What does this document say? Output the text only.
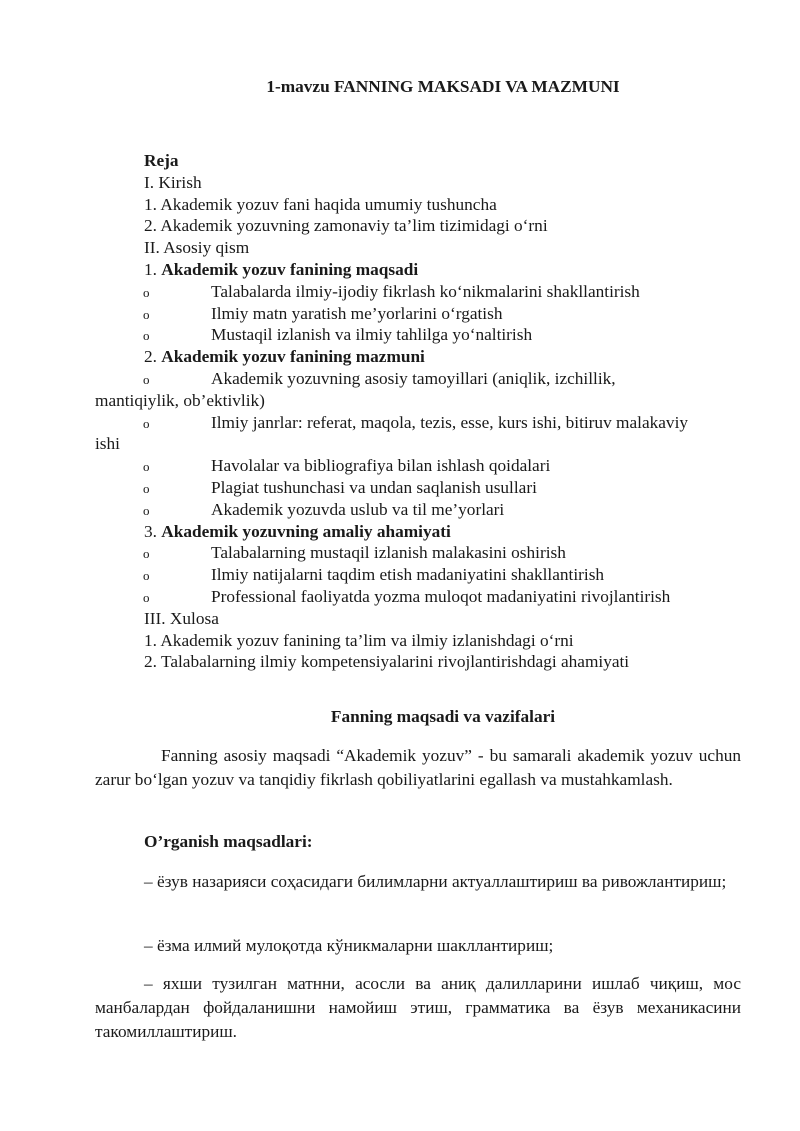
1-mavzu FANNING MAKSADI VA MAZMUNI
Reja
I. Kirish
1. Akademik yozuv fani haqida umumiy tushuncha
2. Akademik yozuvning zamonaviy ta’lim tizimidagi o‘rni
II. Asosiy qism
1. Akademik yozuv fanining maqsadi
o	Talabalarda ilmiy-ijodiy fikrlash ko‘nikmalarini shakllantirish
o	Ilmiy matn yaratish me’yorlarini o‘rgatish
o	Mustaqil izlanish va ilmiy tahlilga yo‘naltirish
2. Akademik yozuv fanining mazmuni
o	Akademik yozuvning asosiy tamoyillari (aniqlik, izchillik,
mantiqiylik, ob’ektivlik)
o	Ilmiy janrlar: referat, maqola, tezis, esse, kurs ishi, bitiruv malakaviy
ishi
o	Havolalar va bibliografiya bilan ishlash qoidalari
o	Plagiat tushunchasi va undan saqlanish usullari
o	Akademik yozuvda uslub va til me’yorlari
3. Akademik yozuvning amaliy ahamiyati
o	Talabalarning mustaqil izlanish malakasini oshirish
o	Ilmiy natijalarni taqdim etish madaniyatini shakllantirish
o	Professional faoliyatda yozma muloqot madaniyatini rivojlantirish
III. Xulosa
1. Akademik yozuv fanining ta’lim va ilmiy izlanishdagi o‘rni
2. Talabalarning ilmiy kompetensiyalarini rivojlantirishdagi ahamiyati
Fanning maqsadi va vazifalari
Fanning asosiy maqsadi “Akademik yozuv” - bu samarali akademik yozuv uchun zarur bo‘lgan yozuv va tanqidiy fikrlash qobiliyatlarini egallash va mustahkamlash.
O’rganish maqsadlari:
– ёзув назарияси соҳасидаги билимларни актуаллаштириш ва ривожлантириш;
– ёзма илмий мулоқотда кўникмаларни шакллантириш;
– яхши тузилган матнни, асосли ва аниқ далилларини ишлаб чиқиш, мос манбалардан фойдаланишни намойиш этиш, грамматика ва ёзув механикасини такомиллаштириш.
